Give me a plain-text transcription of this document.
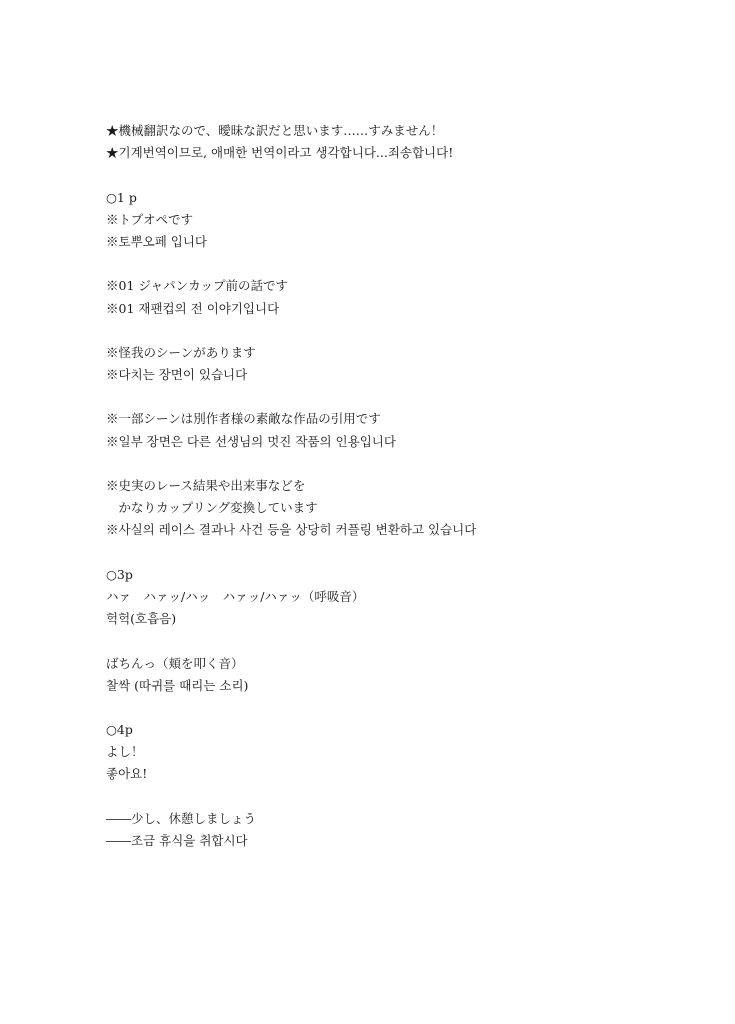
★機械翻訳なので、曖昧な訳だと思います……すみません！
★기계번역이므로, 애매한 번역이라고 생각합니다...죄송합니다!
○1 p
※トプオペです
※토뿌오페 입니다
※01 ジャパンカップ前の話です
※01 재팬컵의 전 이야기입니다
※怪我のシーンがあります
※다치는 장면이 있습니다
※一部シーンは別作者様の素敵な作品の引用です
※일부 장면은 다른 선생님의 멋진 작품의 인용입니다
※史実のレース結果や出来事などを
　かなりカップリング変換しています
※사실의 레이스 결과나 사건 등을 상당히 커플링 변환하고 있습니다
○3p
ハァ　ハァッ/ハッ　ハァッ/ハァッ（呼吸音）
헉헉(호흡음)
ばちんっ（頬を叩く音）
찰싹 (따귀를 때리는 소리)
○4p
よし！
좋아요!
――少し、休憩しましょう
――조금 휴식을 취합시다
